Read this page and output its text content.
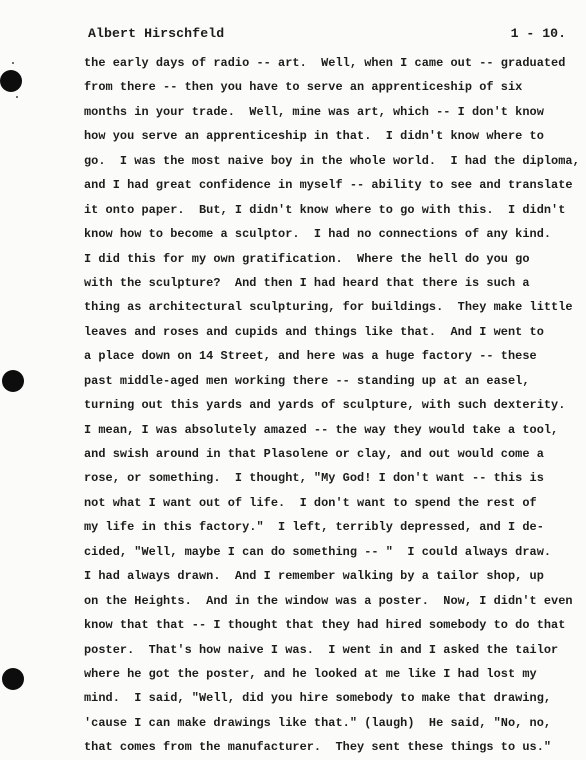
Albert Hirschfeld	1 - 10.
the early days of radio -- art.  Well, when I came out -- graduated
from there -- then you have to serve an apprenticeship of six
months in your trade.  Well, mine was art, which -- I don't know
how you serve an apprenticeship in that.  I didn't know where to
go.  I was the most naive boy in the whole world.  I had the diploma,
and I had great confidence in myself -- ability to see and translate
it onto paper.  But, I didn't know where to go with this.  I didn't
know how to become a sculptor.  I had no connections of any kind.
I did this for my own gratification.  Where the hell do you go
with the sculpture?  And then I had heard that there is such a
thing as architectural sculpturing, for buildings.  They make little
leaves and roses and cupids and things like that.  And I went to
a place down on 14 Street, and here was a huge factory -- these
past middle-aged men working there -- standing up at an easel,
turning out this yards and yards of sculpture, with such dexterity.
I mean, I was absolutely amazed -- the way they would take a tool,
and swish around in that Plasolene or clay, and out would come a
rose, or something.  I thought, "My God! I don't want -- this is
not what I want out of life.  I don't want to spend the rest of
my life in this factory."  I left, terribly depressed, and I de-
cided, "Well, maybe I can do something -- "  I could always draw.
I had always drawn.  And I remember walking by a tailor shop, up
on the Heights.  And in the window was a poster.  Now, I didn't even
know that that -- I thought that they had hired somebody to do that
poster.  That's how naive I was.  I went in and I asked the tailor
where he got the poster, and he looked at me like I had lost my
mind.  I said, "Well, did you hire somebody to make that drawing,
'cause I can make drawings like that." (laugh)  He said, "No, no,
that comes from the manufacturer.  They sent these things to us."
